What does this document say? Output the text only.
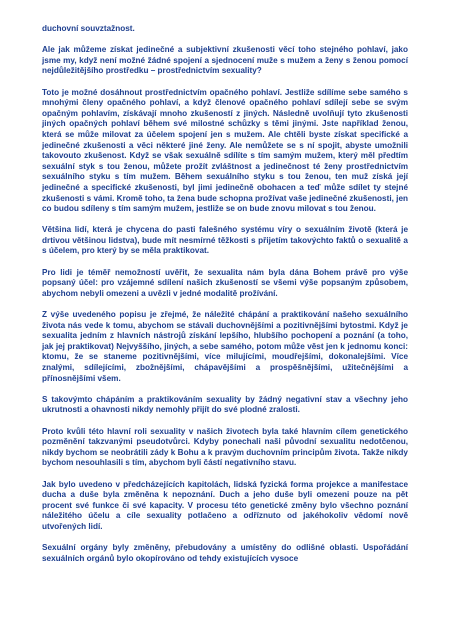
duchovní souvztažnost.

Ale jak můžeme získat jedinečné a subjektivní zkušenosti věcí toho stejného pohlaví, jako jsme my, když není možné žádné spojení a sjednocení muže s mužem a ženy s ženou pomocí nejdůležitějšího prostředku – prostřednictvím sexuality?

Toto je možné dosáhnout prostřednictvím opačného pohlaví. Jestliže sdílíme sebe samého s mnohými členy opačného pohlaví, a když členové opačného pohlaví sdílejí sebe se svým opačným pohlavím, získávají mnoho zkušeností z jiných. Následně uvolňují tyto zkušenosti jiných opačných pohlaví během své milostné schůzky s těmi jinými. Jste například ženou, která se může milovat za účelem spojení jen s mužem. Ale chtěli byste získat specifické a jedinečné zkušenosti a věci některé jiné ženy. Ale nemůžete se s ní spojit, abyste umožnili takovouto zkušenost. Když se však sexuálně sdílíte s tím samým mužem, který měl předtím sexuální styk s tou ženou, můžete prožít zvláštnost a jedinečnost té ženy prostřednictvím sexuálního styku s tím mužem. Během sexuálního styku s tou ženou, ten muž získá její jedinečné a specifické zkušenosti, byl jimi jedinečně obohacen a teď může sdílet ty stejné zkušenosti s vámi. Kromě toho, ta žena bude schopna prožívat vaše jedinečné zkušenosti, jen co budou sdíleny s tím samým mužem, jestliže se on bude znovu milovat s tou ženou.

Většina lidí, která je chycena do pasti falešného systému víry o sexuálním životě (která je drtivou většinou lidstva), bude mít nesmírné těžkosti s přijetím takovýchto faktů o sexualitě a s účelem, pro který by se měla praktikovat.

Pro lidi je téměř nemožností uvěřit, že sexualita nám byla dána Bohem právě pro výše popsaný účel: pro vzájemné sdílení našich zkušeností se všemi výše popsaným způsobem, abychom nebyli omezeni a uvězli v jedné modalitě prožívání.

Z výše uvedeného popisu je zřejmé, že náležité chápání a praktikování našeho sexuálního života nás vede k tomu, abychom se stávali duchovnějšími a pozitivnějšími bytostmi. Když je sexualita jedním z hlavních nástrojů získání lepšího, hlubšího pochopení a poznání (a toho, jak jej praktikovat) Nejvyššího, jiných, a sebe samého, potom může věst jen k jednomu konci: ktomu, že se staneme pozitivnějšími, více milujícími, moudřejšími, dokonalejšími. Více znalými, sdílejícími, zbožnějšími, chápavějšími a prospěšnějšími, užitečnějšími a přínosnějšími všem.

S takovýmto chápáním a praktikováním sexuality by žádný negativní stav a všechny jeho ukrutnosti a ohavnosti nikdy nemohly přijít do své plodné zralosti.

Proto kvůli této hlavní roli sexuality v našich životech byla také hlavním cílem genetického pozměnění takzvanými pseudotvůrci. Kdyby ponechali naši původní sexualitu nedotčenou, nikdy bychom se neobrátili zády k Bohu a k pravým duchovním principům života. Takže nikdy bychom nesouhlasili s tím, abychom byli částí negativního stavu.

Jak bylo uvedeno v předcházejících kapitolách, lidská fyzická forma projekce a manifestace ducha a duše byla změněna k nepoznání. Duch a jeho duše byli omezeni pouze na pět procent své funkce či své kapacity. V procesu této genetické změny bylo všechno poznání náležitého účelu a cíle sexuality potlačeno a odříznuto od jakéhokoliv vědomí nově utvořených lidí.

Sexuální orgány byly změněny, přebudovány a umístěny do odlišné oblasti. Uspořádání sexuálních orgánů bylo okopírováno od tehdy existujících vysoce
